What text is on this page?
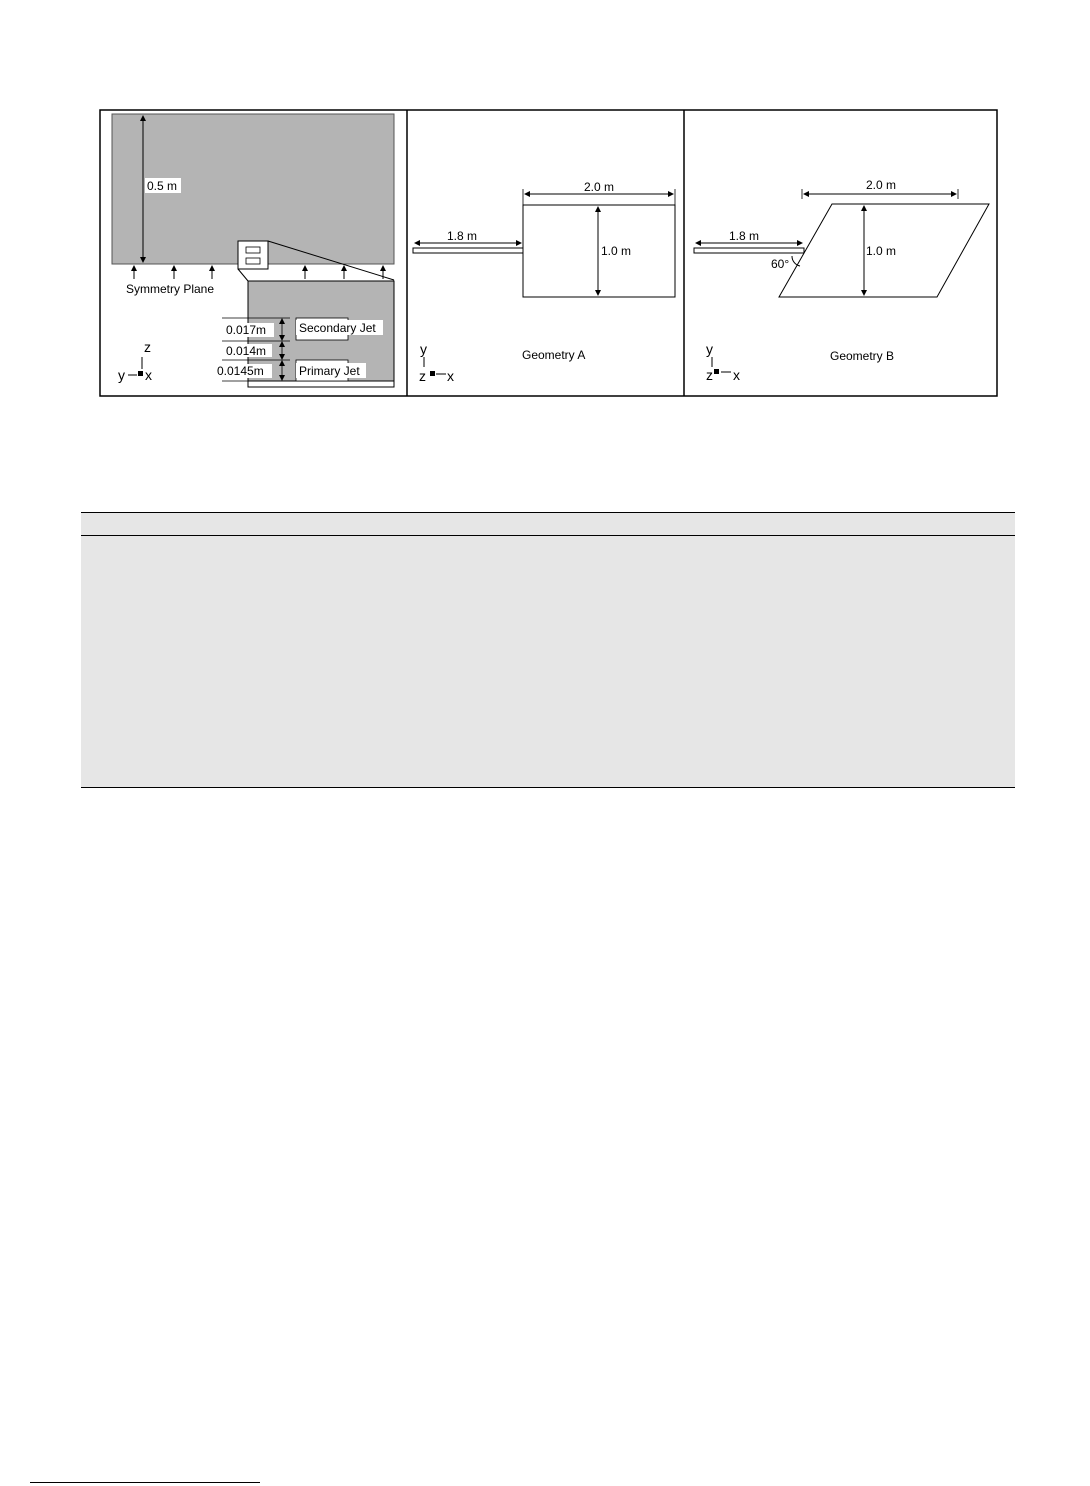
0.5 m
Symmetry Plane
0.017m
0.014m
0.0145m
Secondary Jet
Primary Jet
z
y x
2.0 m
1.8 m
1.0 m
Geometry A
y
z x
2.0 m
1.8 m
1.0 m
60°
Geometry B
y
z x
